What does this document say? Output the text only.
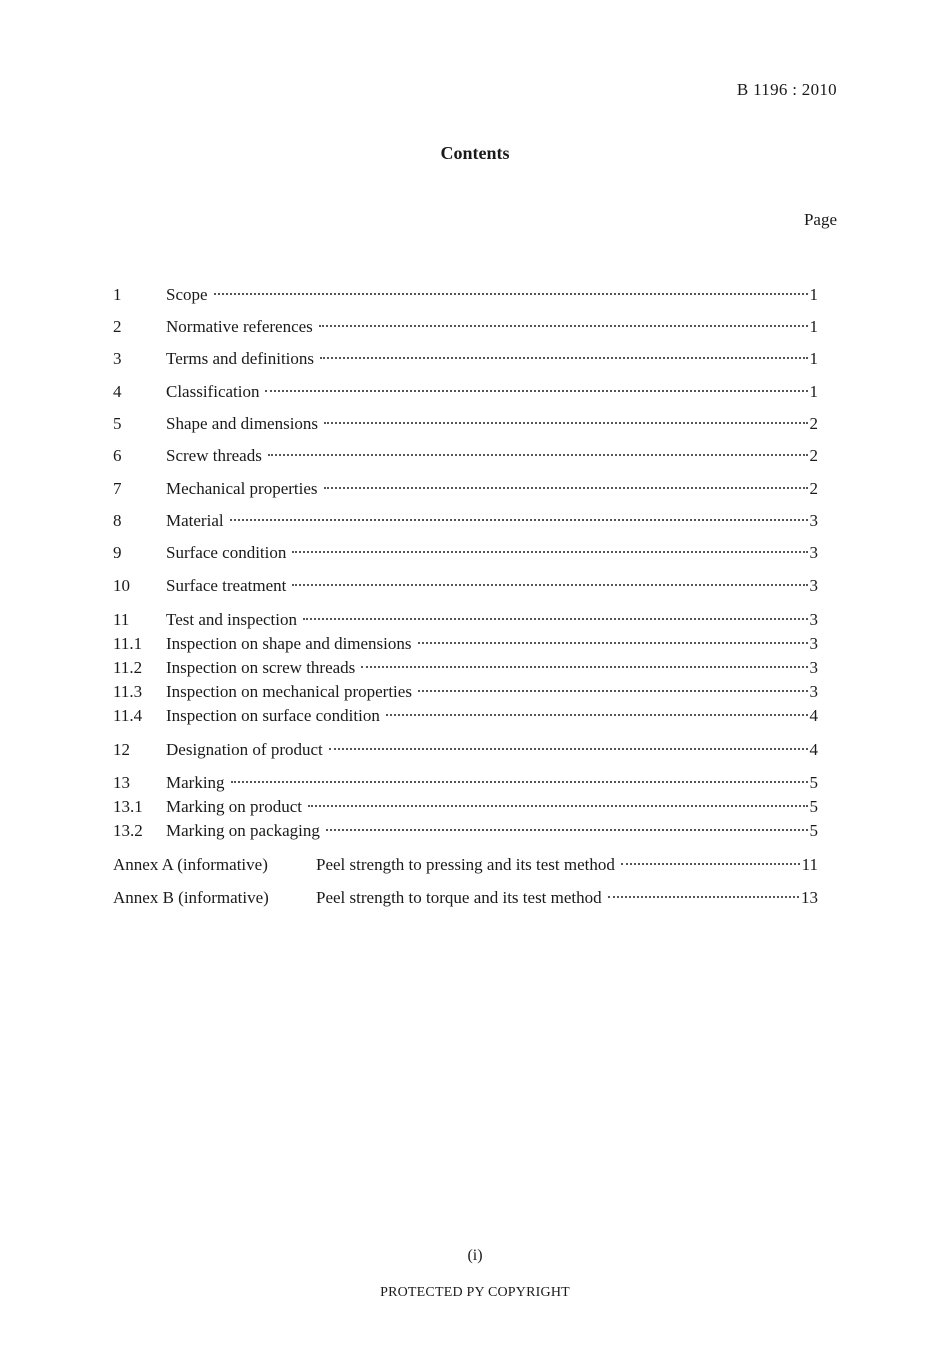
B 1196 : 2010
Contents
Page
1	Scope	1
2	Normative references	1
3	Terms and definitions	1
4	Classification	1
5	Shape and dimensions	2
6	Screw threads	2
7	Mechanical properties	2
8	Material	3
9	Surface condition	3
10	Surface treatment	3
11	Test and inspection	3
11.1	Inspection on shape and dimensions	3
11.2	Inspection on screw threads	3
11.3	Inspection on mechanical properties	3
11.4	Inspection on surface condition	4
12	Designation of product	4
13	Marking	5
13.1	Marking on product	5
13.2	Marking on packaging	5
Annex A (informative)	Peel strength to pressing and its test method	11
Annex B (informative)	Peel strength to torque and its test method	13
(i)
PROTECTED PY COPYRIGHT
